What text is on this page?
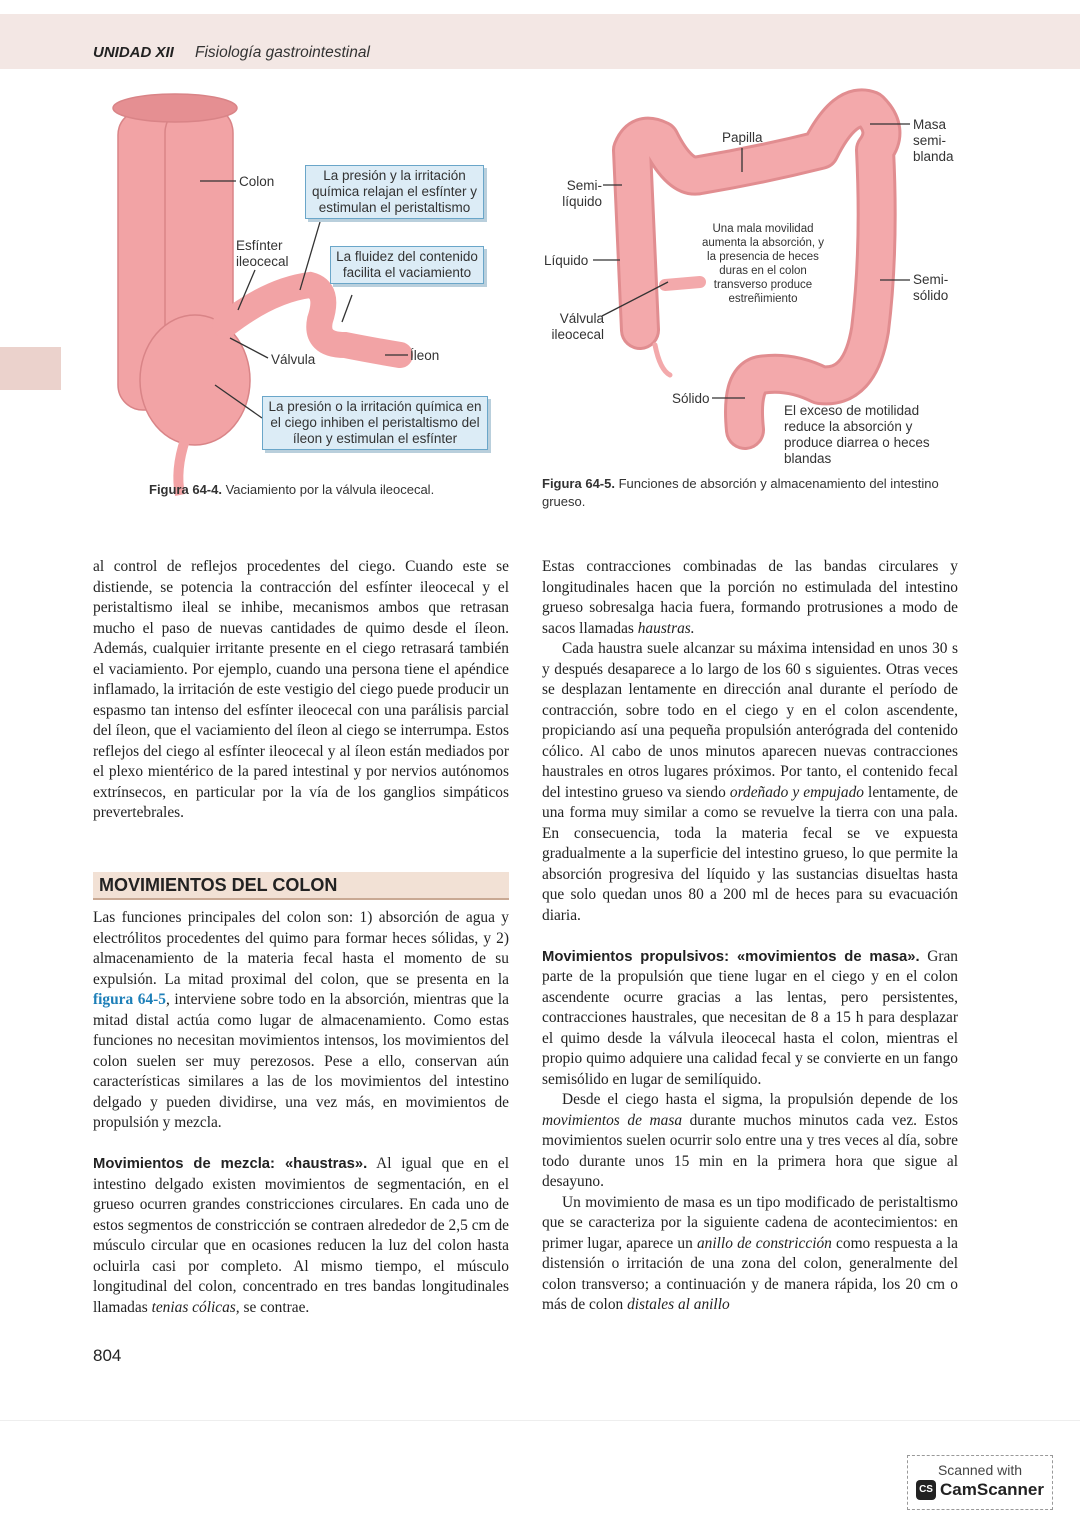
UNIDAD XII Fisiología gastrointestinal
Colon
Esfínter ileocecal
Válvula	Íleon
La presión y la irritación química relajan el esfínter y estimulan el peristaltismo
La fluidez del contenido facilita el vaciamiento
La presión o la irritación química en el ciego inhiben el peristaltismo del íleon y estimulan el esfínter
Figura 64-4. Vaciamiento por la válvula ileocecal.
Papilla
Masa semi- blanda
Semi- líquido
Líquido
Válvula ileocecal
Semi- sólido
Sólido
Una mala movilidad aumenta la absorción, y la presencia de heces duras en el colon transverso produce estreñimiento
El exceso de motilidad reduce la absorción y produce diarrea o heces blandas
Figura 64-5. Funciones de absorción y almacenamiento del intestino grueso.

al control de reflejos procedentes del ciego. Cuando este se distiende, se potencia la contracción del esfínter ileocecal y el peristaltismo ileal se inhibe, mecanismos ambos que retrasan mucho el paso de nuevas cantidades de quimo desde el íleon. Además, cualquier irritante presente en el ciego retrasará también el vaciamiento. Por ejemplo, cuando una persona tiene el apéndice inflamado, la irritación de este vestigio del ciego puede producir un espasmo tan intenso del esfínter ileocecal con una parálisis parcial del íleon, que el vaciamiento del íleon al ciego se interrumpa. Estos reflejos del ciego al esfínter ileocecal y al íleon están mediados por el plexo mientérico de la pared intestinal y por nervios autónomos extrínsecos, en particular por la vía de los ganglios simpáticos prevertebrales.

MOVIMIENTOS DEL COLON

Las funciones principales del colon son: 1) absorción de agua y electrólitos procedentes del quimo para formar heces sólidas, y 2) almacenamiento de la materia fecal hasta el momento de su expulsión. La mitad proximal del colon, que se presenta en la figura 64-5, interviene sobre todo en la absorción, mientras que la mitad distal actúa como lugar de almacenamiento. Como estas funciones no necesitan movimientos intensos, los movimientos del colon suelen ser muy perezosos. Pese a ello, conservan aún características similares a las de los movimientos del intestino delgado y pueden dividirse, una vez más, en movimientos de propulsión y mezcla.

Movimientos de mezcla: «haustras». Al igual que en el intestino delgado existen movimientos de segmentación, en el grueso ocurren grandes constricciones circulares. En cada uno de estos segmentos de constricción se contraen alrededor de 2,5 cm de músculo circular que en ocasiones reducen la luz del colon hasta ocluirla casi por completo. Al mismo tiempo, el músculo longitudinal del colon, concentrado en tres bandas longitudinales llamadas tenias cólicas, se contrae.

Estas contracciones combinadas de las bandas circulares y longitudinales hacen que la porción no estimulada del intestino grueso sobresalga hacia fuera, formando protrusiones a modo de sacos llamadas haustras.

Cada haustra suele alcanzar su máxima intensidad en unos 30 s y después desaparece a lo largo de los 60 s siguientes. Otras veces se desplazan lentamente en dirección anal durante el período de contracción, sobre todo en el ciego y en el colon ascendente, propiciando así una pequeña propulsión anterógrada del contenido cólico. Al cabo de unos minutos aparecen nuevas contracciones haustrales en otros lugares próximos. Por tanto, el contenido fecal del intestino grueso va siendo ordeñado y empujado lentamente, de una forma muy similar a como se revuelve la tierra con una pala. En consecuencia, toda la materia fecal se ve expuesta gradualmente a la superficie del intestino grueso, lo que permite la absorción progresiva del líquido y las sustancias disueltas hasta que solo quedan unos 80 a 200 ml de heces para su evacuación diaria.

Movimientos propulsivos: «movimientos de masa». Gran parte de la propulsión que tiene lugar en el ciego y en el colon ascendente ocurre gracias a las lentas, pero persistentes, contracciones haustrales, que necesitan de 8 a 15 h para desplazar el quimo desde la válvula ileocecal hasta el colon, mientras el propio quimo adquiere una calidad fecal y se convierte en un fango semisólido en lugar de semilíquido.

Desde el ciego hasta el sigma, la propulsión depende de los movimientos de masa durante muchos minutos cada vez. Estos movimientos suelen ocurrir solo entre una y tres veces al día, sobre todo durante unos 15 min en la primera hora que sigue al desayuno.

Un movimiento de masa es un tipo modificado de peristaltismo que se caracteriza por la siguiente cadena de acontecimientos: en primer lugar, aparece un anillo de constricción como respuesta a la distensión o irritación de una zona del colon, generalmente del colon transverso; a continuación y de manera rápida, los 20 cm o más de colon distales al anillo

804
Scanned with
CS CamScanner
